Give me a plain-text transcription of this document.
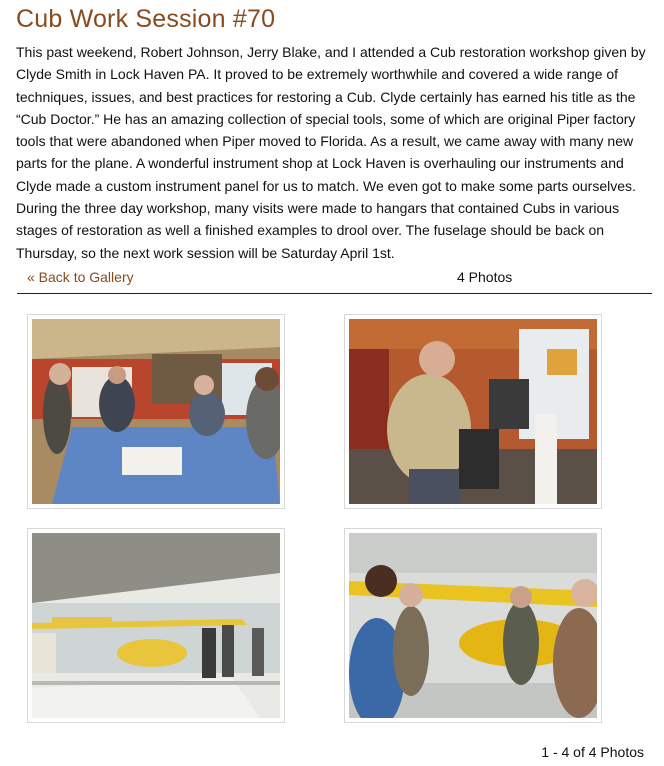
Cub Work Session #70

This past weekend, Robert Johnson, Jerry Blake, and I attended a Cub restoration workshop given by Clyde Smith in Lock Haven PA. It proved to be extremely worthwhile and covered a wide range of techniques, issues, and best practices for restoring a Cub. Clyde certainly has earned his title as the “Cub Doctor.” He has an amazing collection of special tools, some of which are original Piper factory tools that were abandoned when Piper moved to Florida. As a result, we came away with many new parts for the plane. A wonderful instrument shop at Lock Haven is overhauling our instruments and Clyde made a custom instrument panel for us to match. We even got to make some parts ourselves. During the three day workshop, many visits were made to hangars that contained Cubs in various stages of restoration as well a finished examples to drool over. The fuselage should be back on Thursday, so the next work session will be Saturday April 1st.

« Back to Gallery	4 Photos
1 - 4 of 4 Photos
